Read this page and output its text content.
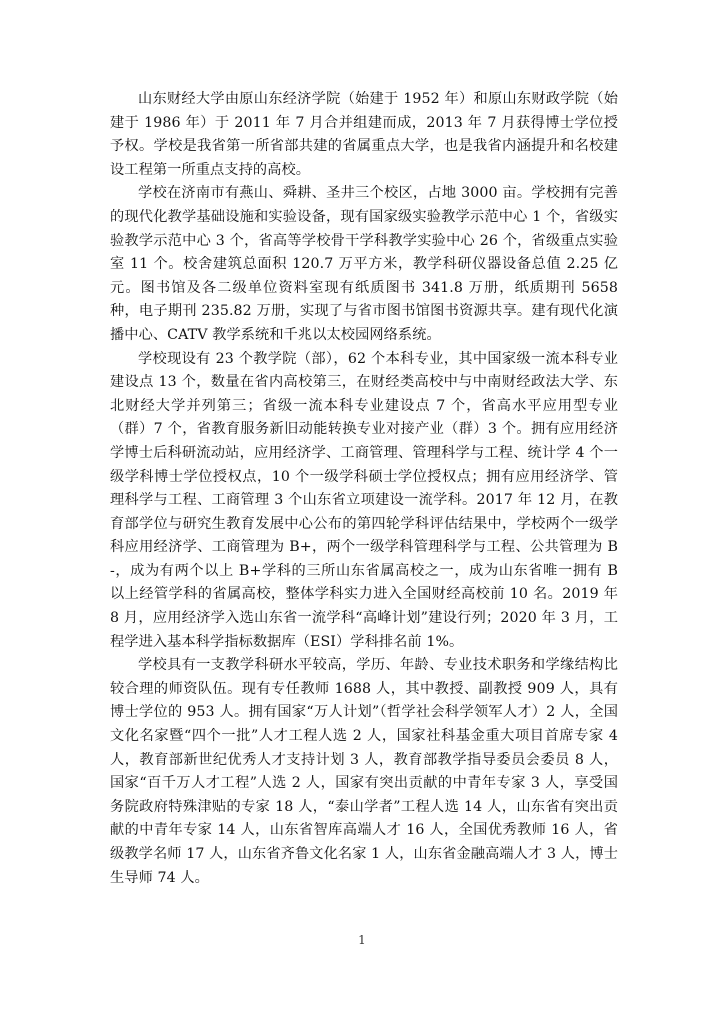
山东财经大学由原山东经济学院（始建于 1952 年）和原山东财政学院（始建于 1986 年）于 2011 年 7 月合并组建而成，2013 年 7 月获得博士学位授予权。学校是我省第一所省部共建的省属重点大学，也是我省内涵提升和名校建设工程第一所重点支持的高校。

学校在济南市有燕山、舜耕、圣井三个校区，占地 3000 亩。学校拥有完善的现代化教学基础设施和实验设备，现有国家级实验教学示范中心 1 个，省级实验教学示范中心 3 个，省高等学校骨干学科教学实验中心 26 个，省级重点实验室 11 个。校舍建筑总面积 120.7 万平方米，教学科研仪器设备总值 2.25 亿元。图书馆及各二级单位资料室现有纸质图书 341.8 万册，纸质期刊 5658 种，电子期刊 235.82 万册，实现了与省市图书馆图书资源共享。建有现代化演播中心、CATV 教学系统和千兆以太校园网络系统。

学校现设有 23 个教学院（部），62 个本科专业，其中国家级一流本科专业建设点 13 个，数量在省内高校第三，在财经类高校中与中南财经政法大学、东北财经大学并列第三；省级一流本科专业建设点 7 个，省高水平应用型专业（群）7 个，省教育服务新旧动能转换专业对接产业（群）3 个。拥有应用经济学博士后科研流动站，应用经济学、工商管理、管理科学与工程、统计学 4 个一级学科博士学位授权点，10 个一级学科硕士学位授权点；拥有应用经济学、管理科学与工程、工商管理 3 个山东省立项建设一流学科。2017 年 12 月，在教育部学位与研究生教育发展中心公布的第四轮学科评估结果中，学校两个一级学科应用经济学、工商管理为 B+，两个一级学科管理科学与工程、公共管理为 B-，成为有两个以上 B+学科的三所山东省属高校之一，成为山东省唯一拥有 B 以上经管学科的省属高校，整体学科实力进入全国财经高校前 10 名。2019 年 8 月，应用经济学入选山东省一流学科“高峰计划”建设行列；2020 年 3 月，工程学进入基本科学指标数据库（ESI）学科排名前 1%。

学校具有一支教学科研水平较高，学历、年龄、专业技术职务和学缘结构比较合理的师资队伍。现有专任教师 1688 人，其中教授、副教授 909 人，具有博士学位的 953 人。拥有国家“万人计划”（哲学社会科学领军人才）2 人，全国文化名家暨“四个一批”人才工程人选 2 人，国家社科基金重大项目首席专家 4 人，教育部新世纪优秀人才支持计划 3 人，教育部教学指导委员会委员 8 人，国家“百千万人才工程”人选 2 人，国家有突出贡献的中青年专家 3 人，享受国务院政府特殊津贴的专家 18 人，“泰山学者”工程人选 14 人，山东省有突出贡献的中青年专家 14 人，山东省智库高端人才 16 人，全国优秀教师 16 人，省级教学名师 17 人，山东省齐鲁文化名家 1 人，山东省金融高端人才 3 人，博士生导师 74 人。

1
